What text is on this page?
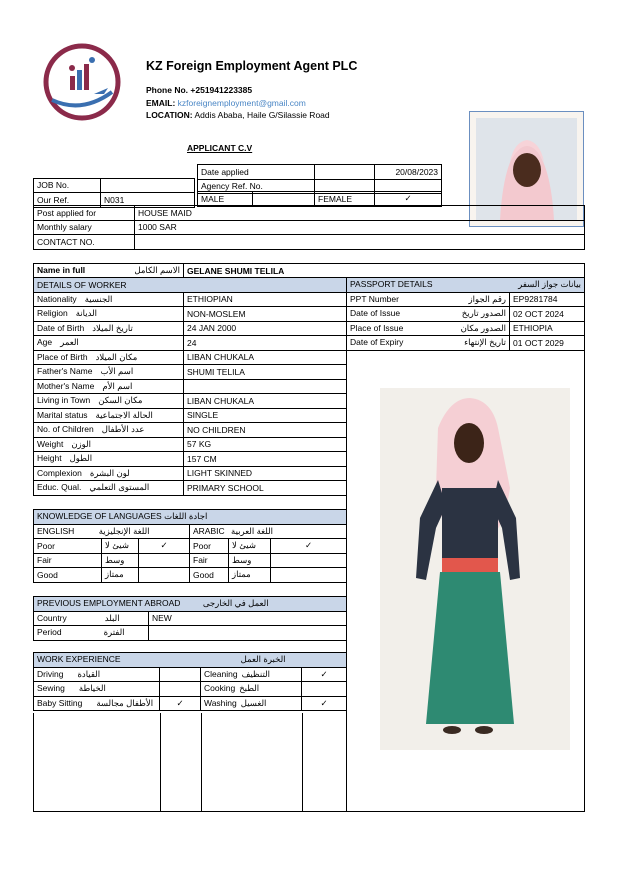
KZ Foreign Employment Agent PLC
Phone No. +251941223385
EMAIL: kzforeignemployment@gmail.com
LOCATION: Addis Ababa, Haile G/Silassie Road
APPLICANT C.V
Date applied		20/08/2023
Agency Ref. No.		
JOB No.	
Our Ref.	N031	MALE		FEMALE	✓
Post applied for	HOUSE MAID
Monthly salary	1000 SAR
CONTACT NO.	
Name in full	الاسم الكامل	GELANE SHUMI TELILA
DETAILS OF WORKER	
Nationality الجنسية	ETHIOPIAN
Religion الديانة	NON-MOSLEM
Date of Birth تاريخ الميلاد	24 JAN 2000
Age العمر	24
Place of Birth مكان الميلاد	LIBAN CHUKALA
Father's Name اسم الأب	SHUMI TELILA
Mother's Name اسم الأم	
Living in Town مكان السكن	LIBAN CHUKALA
Marital status الحالة الاجتماعية	SINGLE
No. of Children عدد الأطفال	NO CHILDREN
Weight الوزن	57 KG
Height الطول	157 CM
Complexion لون البشرة	LIGHT SKINNED
Educ. Qual. المستوى التعلمي	PRIMARY SCHOOL
PASSPORT DETAILS بيانات جواز السفر	

PPT Number رقم الجواز	EP9281784
Date of Issue الصدور تاريخ	02 OCT 2024
Place of Issue الصدور مكان	ETHIOPIA
Date of Expiry تاريخ الإنتهاء	01 OCT 2029
KNOWLEDGE OF LANGUAGES اجادة اللغات					
ENGLISH اللغة الإنجليزية			ARABIC اللغة العربية		
Poor	شيئ لا	✓	Poor	شيئ لا	✓
Fair	وسط		Fair	وسط	
Good	ممتاز		Good	ممتاز	
PREVIOUS EMPLOYMENT ABROAD العمل في الخارجى	
Country البلد	NEW
Period الفترة	
WORK EXPERIENCE الخبرة العمل			
Driving القيادة		Cleaning التنظيف	✓
Sewing الخياطة		Cooking الطبخ	
Baby Sitting الأطفال مجالسة	✓	Washing الغسيل	✓
